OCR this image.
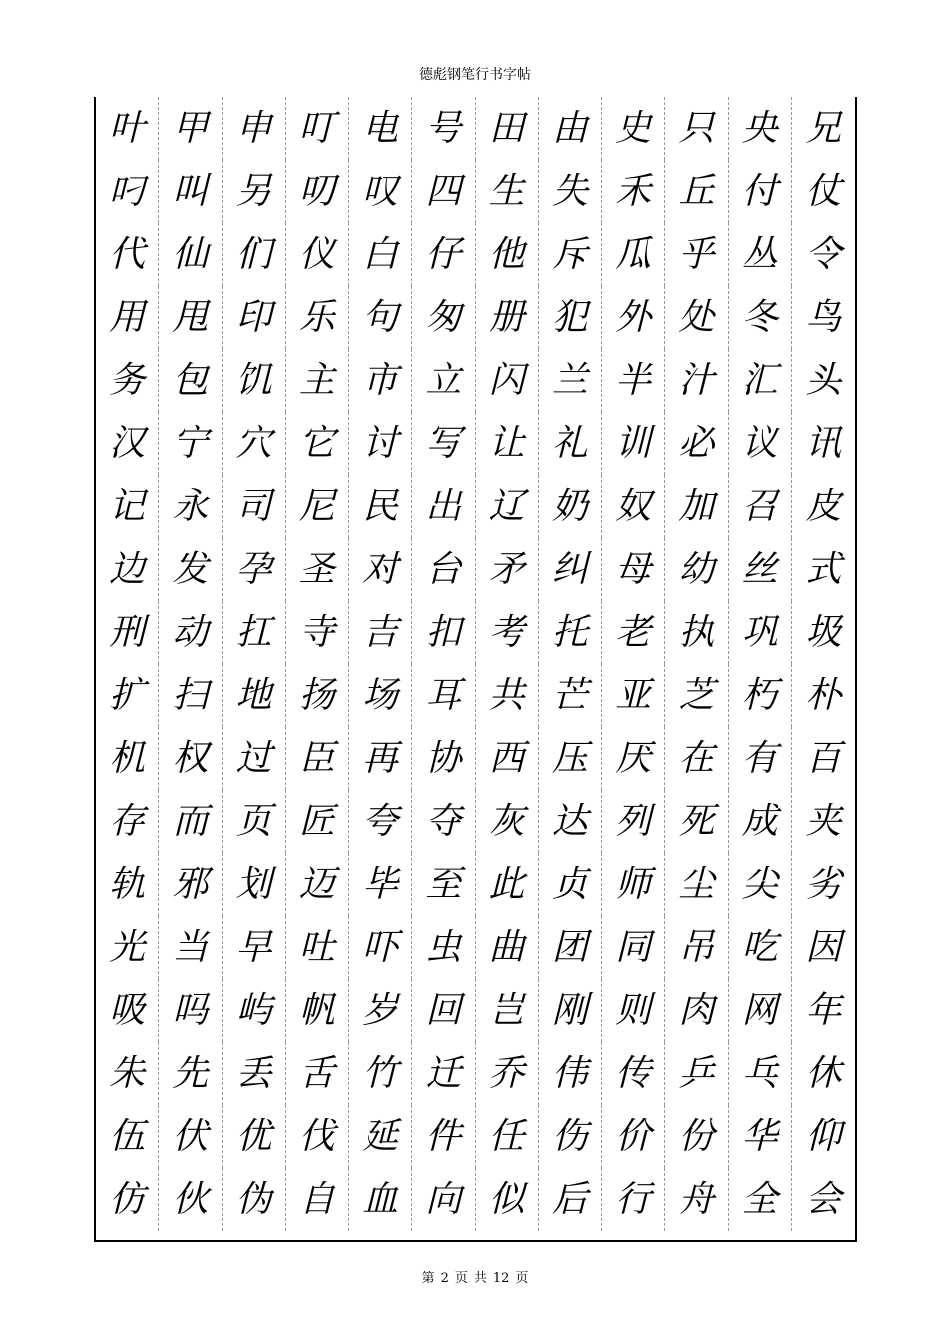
德彪钢笔行书字帖
叶 甲 申 叮 电 号 田 由 史 只 央 兄
叼 叫 另 叨 叹 四 生 失 禾 丘 付 仗
代 仙 们 仪 白 仔 他 斥 瓜 乎 丛 令
用 甩 印 乐 句 匆 册 犯 外 处 冬 鸟
务 包 饥 主 市 立 闪 兰 半 汁 汇 头
汉 宁 穴 它 讨 写 让 礼 训 必 议 讯
记 永 司 尼 民 出 辽 奶 奴 加 召 皮
边 发 孕 圣 对 台 矛 纠 母 幼 丝 式
刑 动 扛 寺 吉 扣 考 托 老 执 巩 圾
扩 扫 地 扬 场 耳 共 芒 亚 芝 朽 朴
机 权 过 臣 再 协 西 压 厌 在 有 百
存 而 页 匠 夸 夺 灰 达 列 死 成 夹
轨 邪 划 迈 毕 至 此 贞 师 尘 尖 劣
光 当 早 吐 吓 虫 曲 团 同 吊 吃 因
吸 吗 屿 帆 岁 回 岂 刚 则 肉 网 年
朱 先 丢 舌 竹 迁 乔 伟 传 乒 乓 休
伍 伏 优 伐 延 件 任 伤 价 份 华 仰
仿 伙 伪 自 血 向 似 后 行 舟 全 会
第 2 页 共 12 页
